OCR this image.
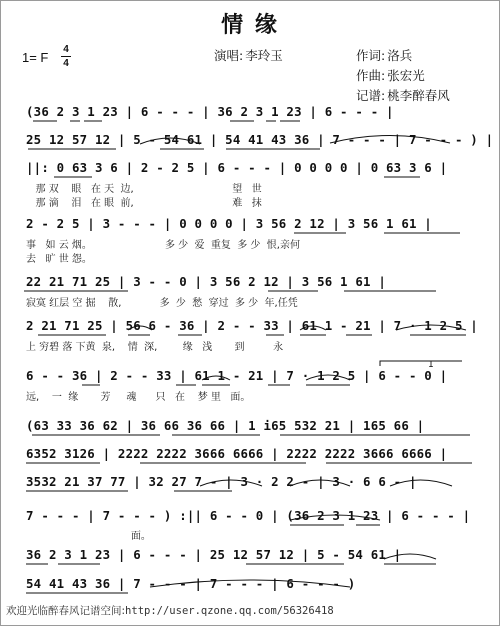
情 缘
1= F
4
4
演唱: 李玲玉	作词: 洛兵
作曲: 张宏光
记谱: 桃李醉春风
(36 2 3 1 23 | 6 - - - | 36 2 3 1 23 | 6 - - - |
25 12 57 12 | 5 - 54 61 | 54 41 43 36 | 7 - - - | 7 - - - ) |
||: 0 63 3 6 | 2 - 2 5 | 6 - - - | 0 0 0 0 | 0 63 3 6 |
那 双    眼   在 天  边,                               望   世
那 滴    泪   在 眼  前,                               难   抹
2 - 2 5 | 3 - - - | 0 0 0 0 | 3 56 2 12 | 3 56 1 61 |
事   如 云 烟。                       多 少  爱  重复  多 少  恨,亲何
去   旷 世 怨。
22 21 71 25 | 3 - - 0 | 3 56 2 12 | 3 56 1 61 |
寂寞 红层 空 掘    散,            多  少  愁  穿过  多 少  年,任凭
2 21 71 25 | 56 6 - 36 | 2 - - 33 | 61 1 - 21 | 7 · 1 2 5 |
上 穷碧 落 下黄  泉,    情  深,        缘   浅       到         永
6 - - 36 | 2 - - 33 | 61 1 - 21 | 7 · 1 2 5 | 6 - - 0 |
远,    一  缘       芳     魂      只   在    梦 里   面。
(63 33 36 62 | 36 66 36 66 | 1 i65 532 21 | 165 66 |
6352 3126 | 2222 2222 3666 6666 | 2222 2222 3666 6666 |
3532 21 37 77 | 32 27 7 - | 3 · 2 2 - | 3 · 6 6 - |
7 - - - | 7 - - - ) :|| 6 - - 0 | (36 2 3 1 23 | 6 - - - |
面。
36 2 3 1 23 | 6 - - - | 25 12 57 12 | 5 - 54 61 |
54 41 43 36 | 7 - - - | 7 - - - | 6 - - - )
欢迎光临醉春风记谱空间:http://user.qzone.qq.com/56326418
1
